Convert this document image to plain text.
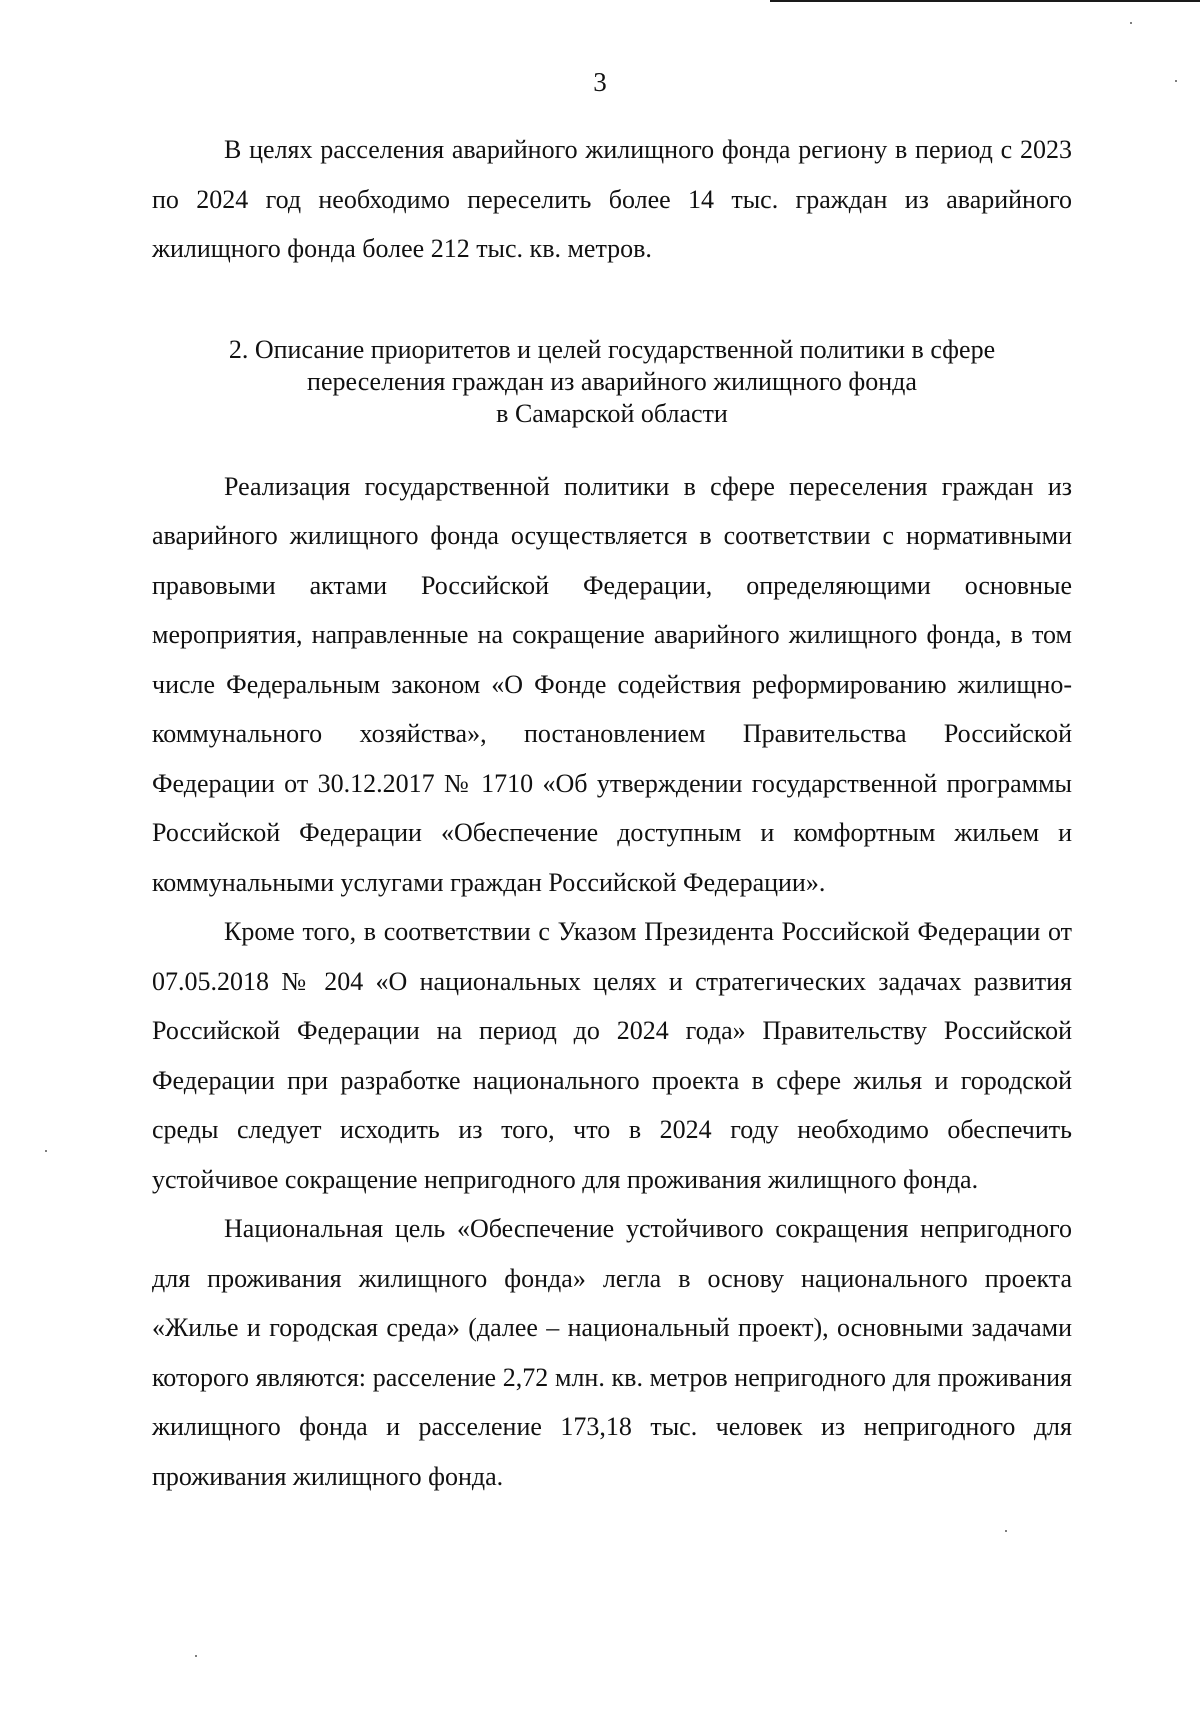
3

В целях расселения аварийного жилищного фонда региону в период с 2023 по 2024 год необходимо переселить более 14 тыс. граждан из аварийного жилищного фонда более 212 тыс. кв. метров.

2. Описание приоритетов и целей государственной политики в сфере
переселения граждан из аварийного жилищного фонда
в Самарской области

Реализация государственной политики в сфере переселения граждан из аварийного жилищного фонда осуществляется в соответствии с нормативными правовыми актами Российской Федерации, определяющими основные мероприятия, направленные на сокращение аварийного жилищного фонда, в том числе Федеральным законом «О Фонде содействия реформированию жилищно-коммунального хозяйства», постановлением Правительства Российской Федерации от 30.12.2017 № 1710 «Об утверждении государственной программы Российской Федерации «Обеспечение доступным и комфортным жильем и коммунальными услугами граждан Российской Федерации».

Кроме того, в соответствии с Указом Президента Российской Федерации от 07.05.2018 № 204 «О национальных целях и стратегических задачах развития Российской Федерации на период до 2024 года» Правительству Российской Федерации при разработке национального проекта в сфере жилья и городской среды следует исходить из того, что в 2024 году необходимо обеспечить устойчивое сокращение непригодного для проживания жилищного фонда.

Национальная цель «Обеспечение устойчивого сокращения непригодного для проживания жилищного фонда» легла в основу национального проекта «Жилье и городская среда» (далее – национальный проект), основными задачами которого являются: расселение 2,72 млн. кв. метров непригодного для проживания жилищного фонда и расселение 173,18 тыс. человек из непригодного для проживания жилищного фонда.
